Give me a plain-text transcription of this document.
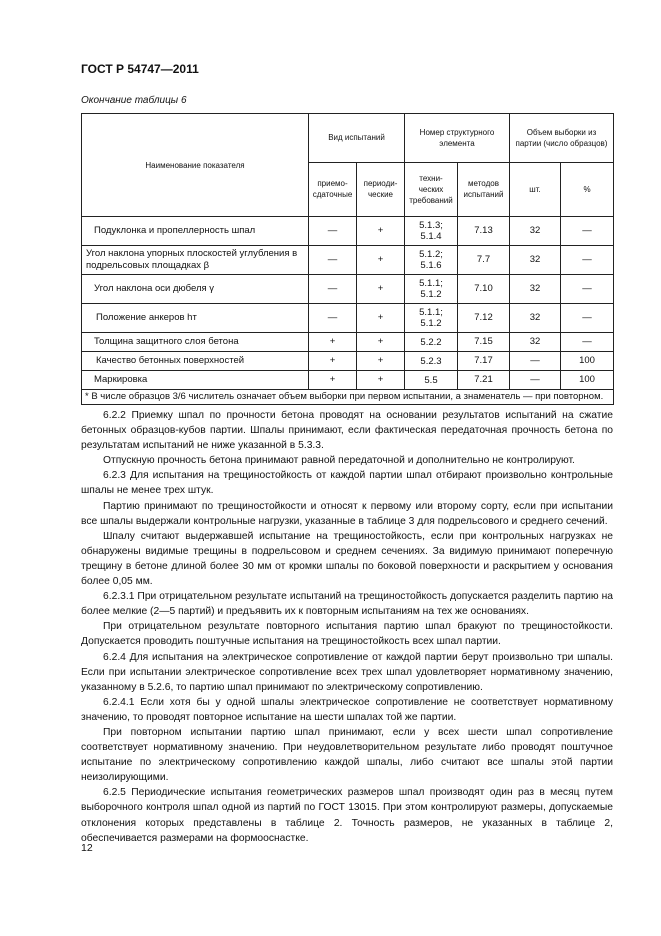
ГОСТ Р 54747—2011
Окончание таблицы 6
Наименование показателя	Вид испытаний		Номер структурного элемента		Объем выборки из партии (число образцов)	
	приемо-сдаточные	периоди-ческие	техни-ческих требований	методов испытаний	шт.	%
Подуклонка и пропеллерность шпал	—	+	5.1.3; 5.1.4	7.13	32	—
Угол наклона упорных плоскостей углубления в подрельсовых площадках β	—	+	5.1.2; 5.1.6	7.7	32	—
Угол наклона оси дюбеля γ	—	+	5.1.1; 5.1.2	7.10	32	—
Положение анкеров hт	—	+	5.1.1; 5.1.2	7.12	32	—
Толщина защитного слоя бетона	+	+	5.2.2	7.15	32	—
Качество бетонных поверхностей	+	+	5.2.3	7.17	—	100
Маркировка	+	+	5.5	7.21	—	100
* В числе образцов 3/6 числитель означает объем выборки при первом испытании, а знаменатель — при повторном.						

6.2.2 Приемку шпал по прочности бетона проводят на основании результатов испытаний на сжатие бетонных образцов-кубов партии. Шпалы принимают, если фактическая передаточная прочность бетона по результатам испытаний не ниже указанной в 5.3.3.

Отпускную прочность бетона принимают равной передаточной и дополнительно не контролируют.

6.2.3 Для испытания на трещиностойкость от каждой партии шпал отбирают произвольно контрольные шпалы не менее трех штук.

Партию принимают по трещиностойкости и относят к первому или второму сорту, если при испытании все шпалы выдержали контрольные нагрузки, указанные в таблице 3 для подрельсового и среднего сечений.

Шпалу считают выдержавшей испытание на трещиностойкость, если при контрольных нагрузках не обнаружены видимые трещины в подрельсовом и среднем сечениях. За видимую принимают поперечную трещину в бетоне длиной более 30 мм от кромки шпалы по боковой поверхности и раскрытием у основания более 0,05 мм.

6.2.3.1 При отрицательном результате испытаний на трещиностойкость допускается разделить партию на более мелкие (2—5 партий) и предъявить их к повторным испытаниям на тех же основаниях.

При отрицательном результате повторного испытания партию шпал бракуют по трещиностойкости. Допускается проводить поштучные испытания на трещиностойкость всех шпал партии.

6.2.4 Для испытания на электрическое сопротивление от каждой партии берут произвольно три шпалы. Если при испытании электрическое сопротивление всех трех шпал удовлетворяет нормативному значению, указанному в 5.2.6, то партию шпал принимают по электрическому сопротивлению.

6.2.4.1 Если хотя бы у одной шпалы электрическое сопротивление не соответствует нормативному значению, то проводят повторное испытание на шести шпалах той же партии.

При повторном испытании партию шпал принимают, если у всех шести шпал сопротивление соответствует нормативному значению. При неудовлетворительном результате либо проводят поштучное испытание по электрическому сопротивлению каждой шпалы, либо считают все шпалы этой партии неизолирующими.

6.2.5 Периодические испытания геометрических размеров шпал производят один раз в месяц путем выборочного контроля шпал одной из партий по ГОСТ 13015. При этом контролируют размеры, допускаемые отклонения которых представлены в таблице 2. Точность размеров, не указанных в таблице 2, обеспечивается размерами на формооснастке.

12
